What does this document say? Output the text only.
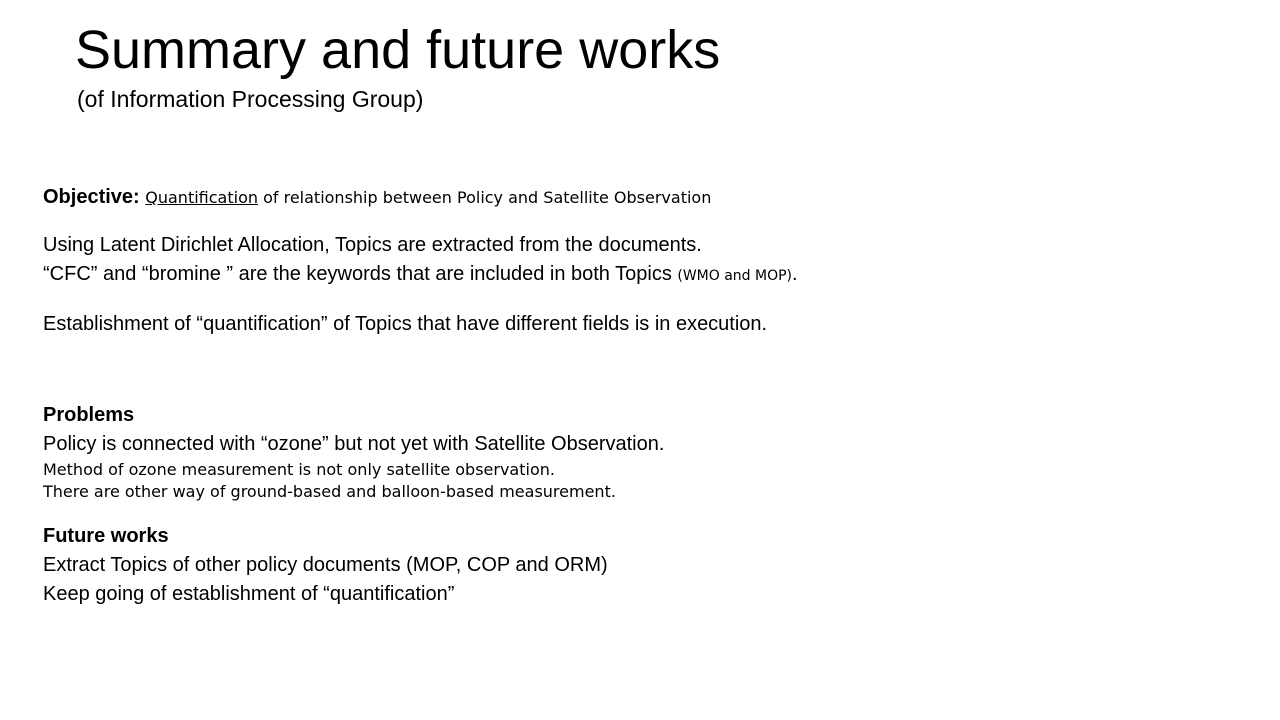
Summary and future works
(of Information Processing Group)
Objective: Quantification of relationship between Policy and Satellite Observation
Using Latent Dirichlet Allocation, Topics are extracted from the documents.
“CFC” and “bromine ” are the keywords that are included in both Topics (WMO and MOP).
Establishment of “quantification” of Topics that have different fields is in execution.
Problems
Policy is connected with “ozone” but not yet with Satellite Observation.
Method of ozone measurement is not only satellite observation.
There are other way of ground-based and balloon-based measurement.
Future works
Extract Topics of other policy documents (MOP, COP and ORM)
Keep going of establishment of “quantification”
